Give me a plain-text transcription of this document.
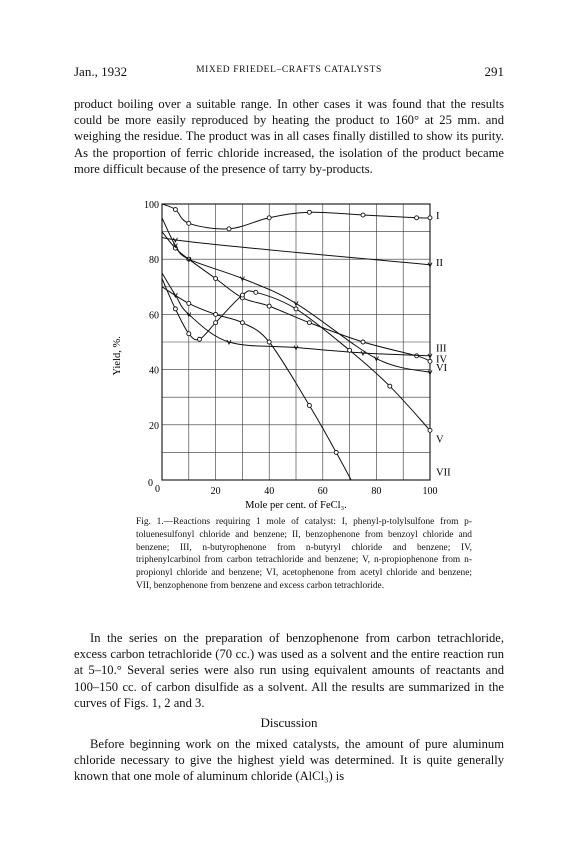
Jan., 1932	MIXED FRIEDEL–CRAFTS CATALYSTS	291

product boiling over a suitable range. In other cases it was found that the results could be more easily reproduced by heating the product to 160° at 25 mm. and weighing the residue. The product was in all cases finally distilled to show its purity. As the proportion of ferric chloride increased, the isolation of the product became more difficult because of the presence of tarry by-products.

20
40
60
80
100
20	40	60	80	100
0
0
Mole per cent. of FeCl₃.
Yield, %.
I
II
III
IV
V
VI
VII

Fig. 1.—Reactions requiring 1 mole of catalyst: I, phenyl-p-tolylsulfone from p-toluenesulfonyl chloride and benzene; II, benzophenone from benzoyl chloride and benzene; III, n-butyrophenone from n-butyryl chloride and benzene; IV, triphenylcarbinol from carbon tetrachloride and benzene; V, n-propiophenone from n-propionyl chloride and benzene; VI, acetophenone from acetyl chloride and benzene; VII, benzophenone from benzene and excess carbon tetrachloride.

In the series on the preparation of benzophenone from carbon tetrachloride, excess carbon tetrachloride (70 cc.) was used as a solvent and the entire reaction run at 5–10.° Several series were also run using equivalent amounts of reactants and 100–150 cc. of carbon disulfide as a solvent. All the results are summarized in the curves of Figs. 1, 2 and 3.

Discussion

Before beginning work on the mixed catalysts, the amount of pure aluminum chloride necessary to give the highest yield was determined. It is quite generally known that one mole of aluminum chloride (AlCl₃) is
